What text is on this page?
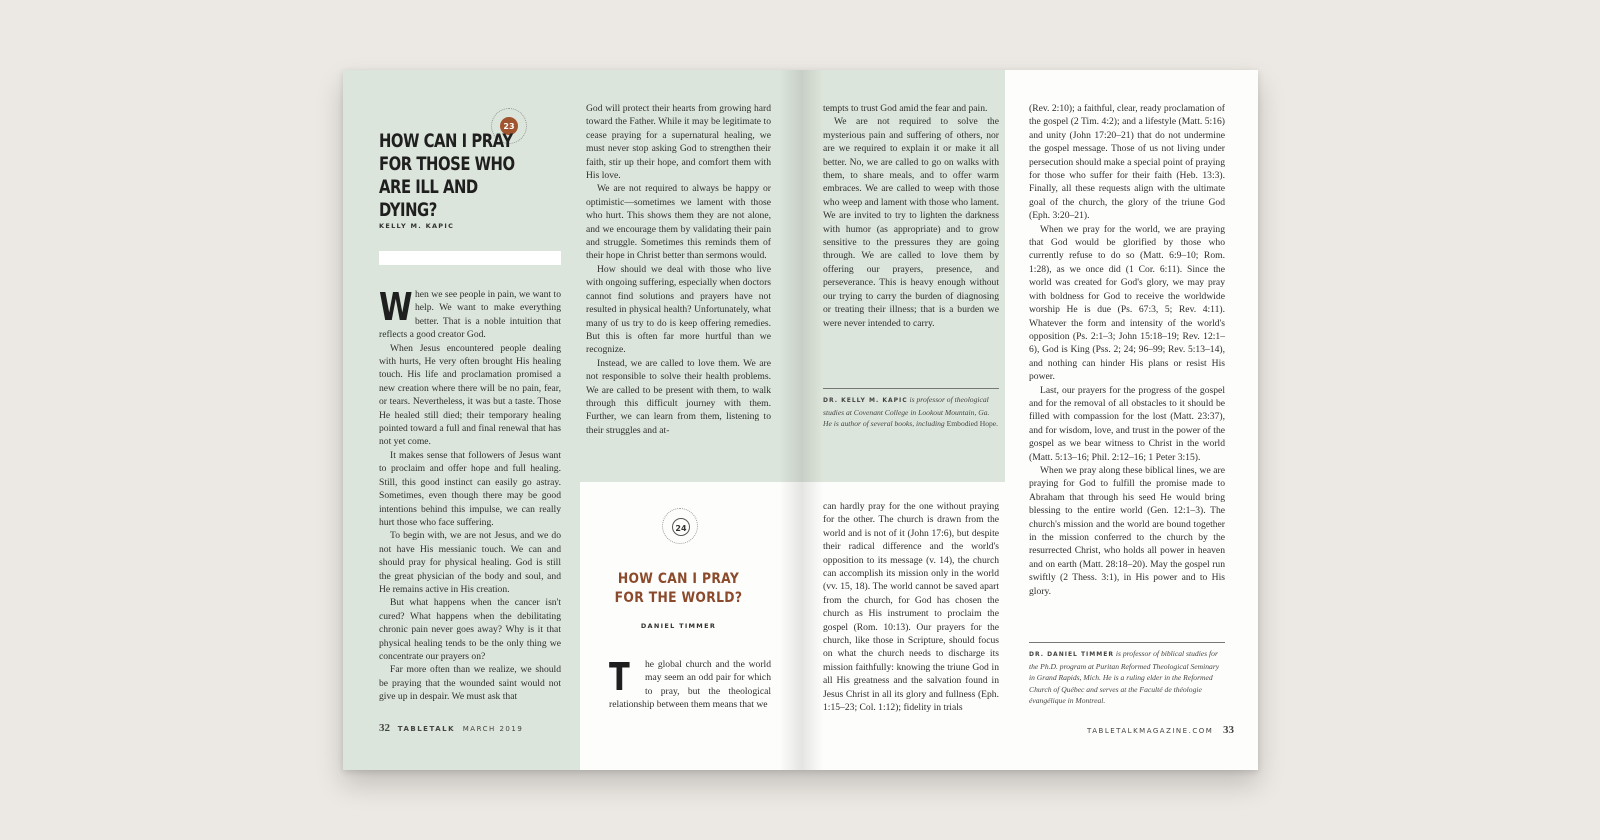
23
HOW CAN I PRAY
FOR THOSE WHO
ARE ILL AND DYING?
KELLY M. KAPIC
W hen we see people in pain, we want to help. We want to make everything better. That is a noble intuition that reflects a good creator God.

When Jesus encountered people dealing with hurts, He very often brought His healing touch. His life and proclamation promised a new creation where there will be no pain, fear, or tears. Nevertheless, it was but a taste. Those He healed still died; their temporary healing pointed toward a full and final renewal that has not yet come.

It makes sense that followers of Jesus want to proclaim and offer hope and full healing. Still, this good instinct can easily go astray. Sometimes, even though there may be good intentions behind this impulse, we can really hurt those who face suffering.

To begin with, we are not Jesus, and we do not have His messianic touch. We can and should pray for physical healing. God is still the great physician of the body and soul, and He remains active in His creation.

But what happens when the cancer isn't cured? What happens when the debilitating chronic pain never goes away? Why is it that physical healing tends to be the only thing we concentrate our prayers on?

Far more often than we realize, we should be praying that the wounded saint would not give up in despair. We must ask that

God will protect their hearts from growing hard toward the Father. While it may be legitimate to cease praying for a supernatural healing, we must never stop asking God to strengthen their faith, stir up their hope, and comfort them with His love.

We are not required to always be happy or optimistic—sometimes we lament with those who hurt. This shows them they are not alone, and we encourage them by validating their pain and struggle. Sometimes this reminds them of their hope in Christ better than sermons would.

How should we deal with those who live with ongoing suffering, especially when doctors cannot find solutions and prayers have not resulted in physical health? Unfortunately, what many of us try to do is keep offering remedies. But this is often far more hurtful than we recognize.

Instead, we are called to love them. We are not responsible to solve their health problems. We are called to be present with them, to walk through this difficult journey with them. Further, we can learn from them, listening to their struggles and at-

24
HOW CAN I PRAY
FOR THE WORLD?
DANIEL TIMMER
T	he global church and the world may seem an odd pair for which to pray, but the theological relationship between them means that we

32 TABLETALK MARCH 2019

tempts to trust God amid the fear and pain.

We are not required to solve the mysterious pain and suffering of others, nor are we required to explain it or make it all better. No, we are called to go on walks with them, to share meals, and to offer warm embraces. We are called to weep with those who weep and lament with those who lament. We are invited to try to lighten the darkness with humor (as appropriate) and to grow sensitive to the pressures they are going through. We are called to love them by offering our prayers, presence, and perseverance. This is heavy enough without our trying to carry the burden of diagnosing or treating their illness; that is a burden we were never intended to carry.

DR. KELLY M. KAPIC is professor of theological studies at Covenant College in Lookout Mountain, Ga. He is author of several books, including Embodied Hope.

can hardly pray for the one without praying for the other. The church is drawn from the world and is not of it (John 17:6), but despite their radical difference and the world's opposition to its message (v. 14), the church can accomplish its mission only in the world (vv. 15, 18). The world cannot be saved apart from the church, for God has chosen the church as His instrument to proclaim the gospel (Rom. 10:13). Our prayers for the church, like those in Scripture, should focus on what the church needs to discharge its mission faithfully: knowing the triune God in all His greatness and the salvation found in Jesus Christ in all its glory and fullness (Eph. 1:15–23; Col. 1:12); fidelity in trials

(Rev. 2:10); a faithful, clear, ready proclamation of the gospel (2 Tim. 4:2); and a lifestyle (Matt. 5:16) and unity (John 17:20–21) that do not undermine the gospel message. Those of us not living under persecution should make a special point of praying for those who suffer for their faith (Heb. 13:3). Finally, all these requests align with the ultimate goal of the church, the glory of the triune God (Eph. 3:20–21).

When we pray for the world, we are praying that God would be glorified by those who currently refuse to do so (Matt. 6:9–10; Rom. 1:28), as we once did (1 Cor. 6:11). Since the world was created for God's glory, we may pray with boldness for God to receive the worldwide worship He is due (Ps. 67:3, 5; Rev. 4:11). Whatever the form and intensity of the world's opposition (Ps. 2:1–3; John 15:18–19; Rev. 12:1–6), God is King (Pss. 2; 24; 96–99; Rev. 5:13–14), and nothing can hinder His plans or resist His power.

Last, our prayers for the progress of the gospel and for the removal of all obstacles to it should be filled with compassion for the lost (Matt. 23:37), and for wisdom, love, and trust in the power of the gospel as we bear witness to Christ in the world (Matt. 5:13–16; Phil. 2:12–16; 1 Peter 3:15).

When we pray along these biblical lines, we are praying for God to fulfill the promise made to Abraham that through his seed He would bring blessing to the entire world (Gen. 12:1–3). The church's mission and the world are bound together in the mission conferred to the church by the resurrected Christ, who holds all power in heaven and on earth (Matt. 28:18–20). May the gospel run swiftly (2 Thess. 3:1), in His power and to His glory.

DR. DANIEL TIMMER is professor of biblical studies for the Ph.D. program at Puritan Reformed Theological Seminary in Grand Rapids, Mich. He is a ruling elder in the Reformed Church of Québec and serves at the Faculté de théologie évangélique in Montreal.
TABLETALKMAGAZINE.COM 33
